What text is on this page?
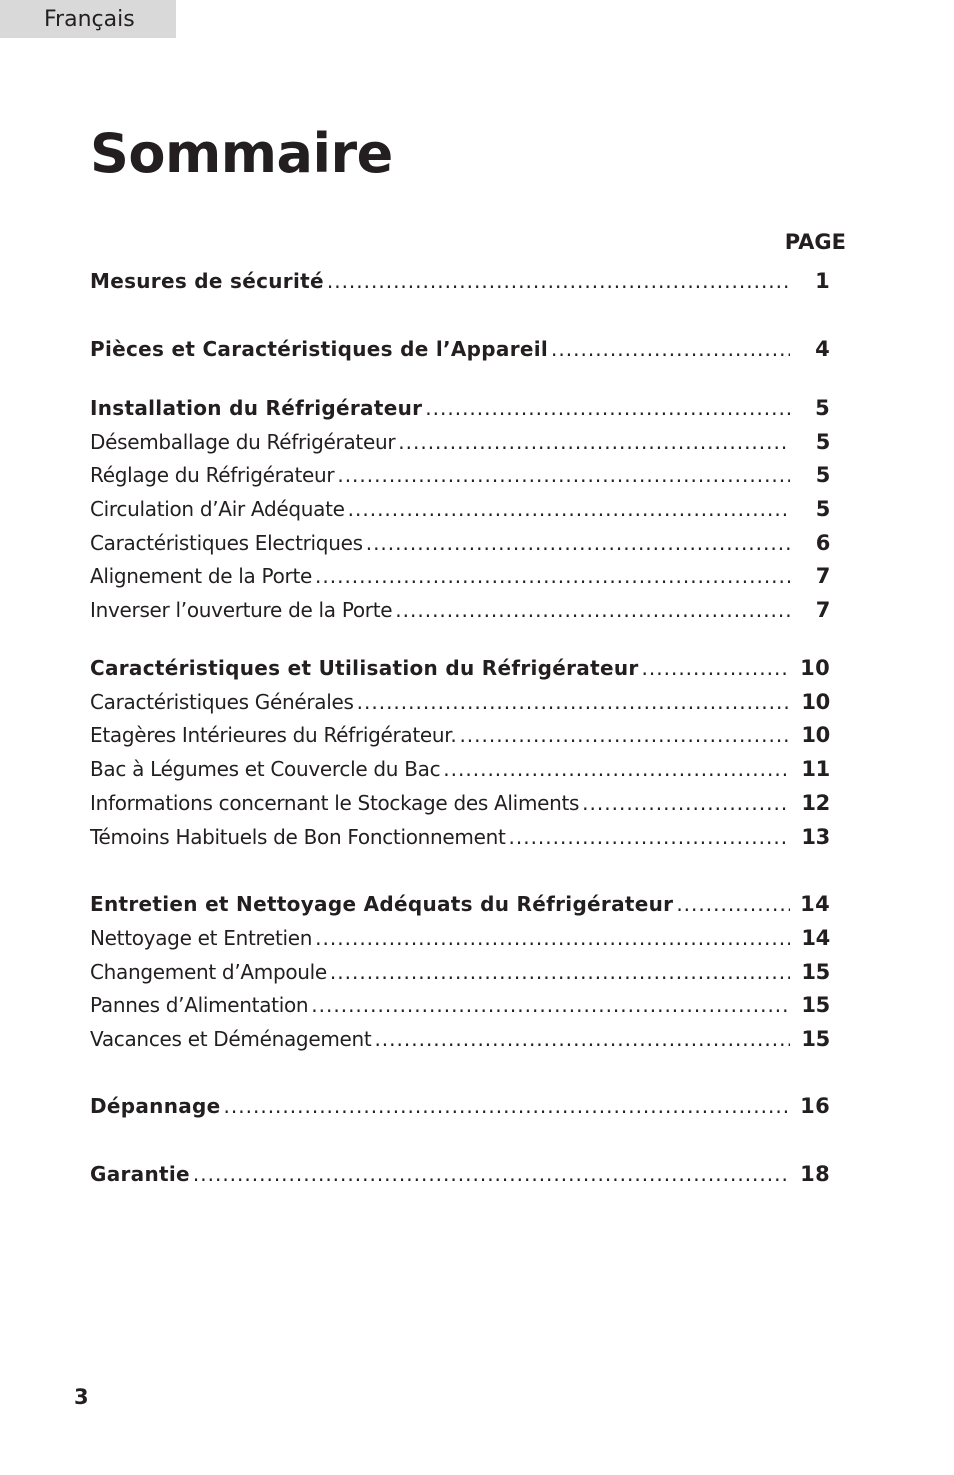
Français
Sommaire
PAGE
Mesures de sécurité .....	1
Pièces et Caractéristiques de l’Appareil .....	4
Installation du Réfrigérateur .....	5
Désemballage du Réfrigérateur .....	5
Réglage du Réfrigérateur .....	5
Circulation d’Air Adéquate .....	5
Caractéristiques Electriques .....	6
Alignement de la Porte .....	7
Inverser l’ouverture de la Porte .....	7
Caractéristiques et Utilisation du Réfrigérateur .....	10
Caractéristiques Générales .....	10
Etagères Intérieures du Réfrigérateur. .....	10
Bac à Légumes et Couvercle du Bac .....	11
Informations concernant le Stockage des Aliments .....	12
Témoins Habituels de Bon Fonctionnement .....	13
Entretien et Nettoyage Adéquats du Réfrigérateur .....	14
Nettoyage et Entretien .....	14
Changement d’Ampoule .....	15
Pannes d’Alimentation .....	15
Vacances et Déménagement .....	15
Dépannage .....	16
Garantie .....	18
3
